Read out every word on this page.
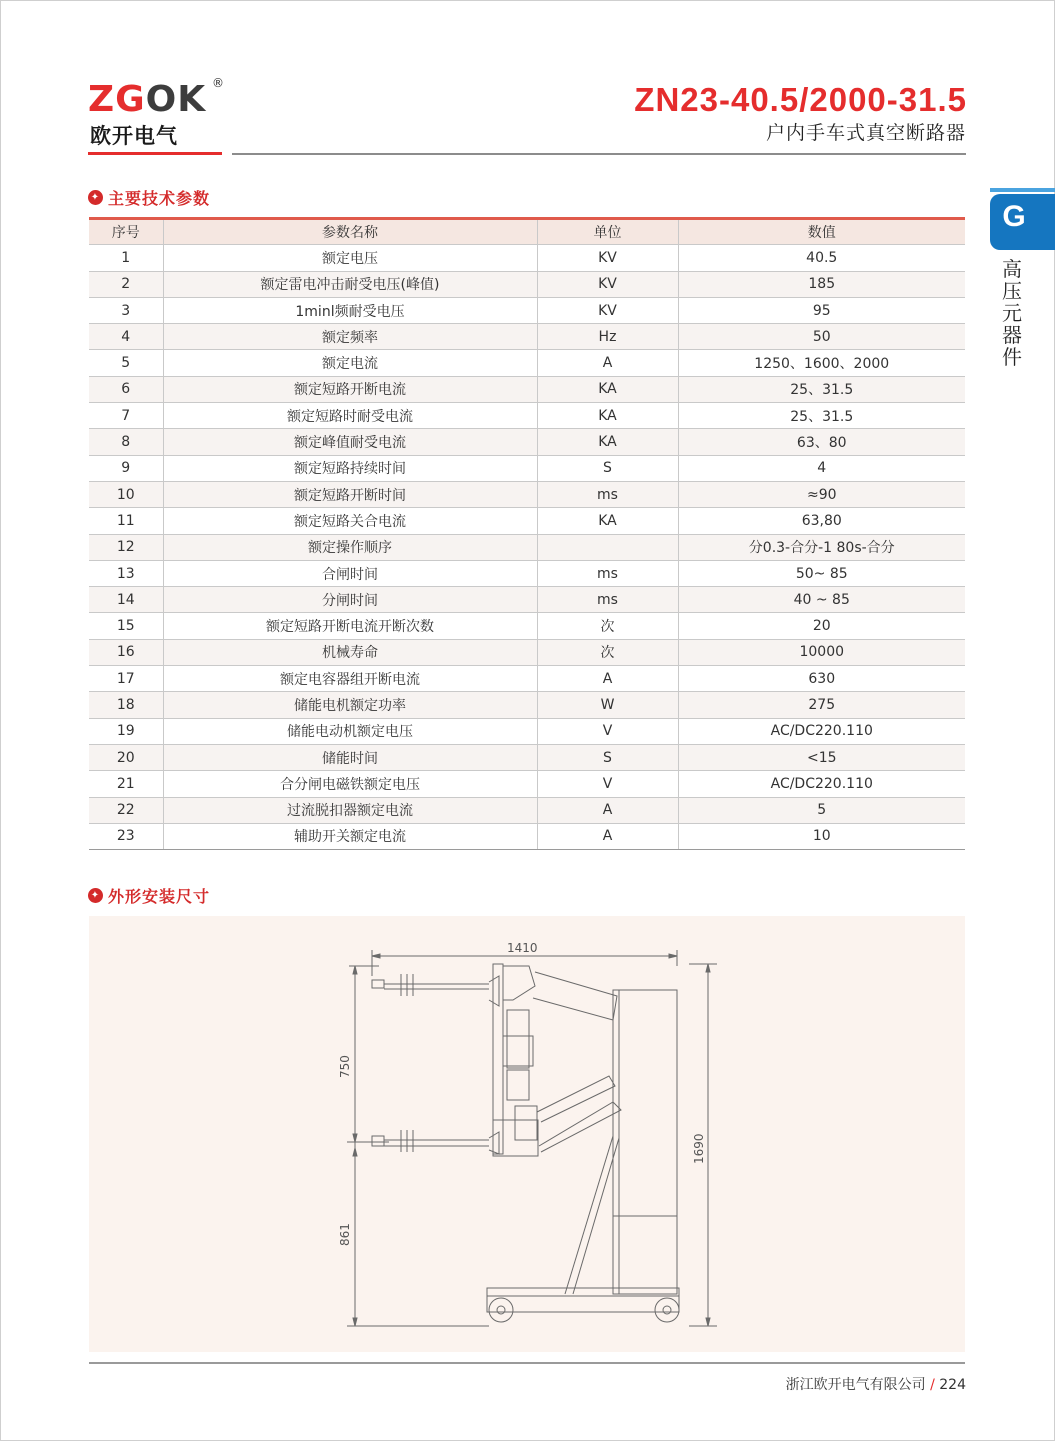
ZGOK ®
欧开电气
ZN23-40.5/2000-31.5
户内手车式真空断路器
G
高
压
元
器
件
✦ 主要技术参数
序号	参数名称	单位	数值
1	额定电压	KV	40.5
2	额定雷电冲击耐受电压(峰值)	KV	185
3	1minl频耐受电压	KV	95
4	额定频率	Hz	50
5	额定电流	A	1250、1600、2000
6	额定短路开断电流	KA	25、31.5
7	额定短路时耐受电流	KA	25、31.5
8	额定峰值耐受电流	KA	63、80
9	额定短路持续时间	S	4
10	额定短路开断时间	ms	≈90
11	额定短路关合电流	KA	63,80
12	额定操作顺序		分0.3-合分-1 80s-合分
13	合闸时间	ms	50~ 85
14	分闸时间	ms	40 ~ 85
15	额定短路开断电流开断次数	次	20
16	机械寿命	次	10000
17	额定电容器组开断电流	A	630
18	储能电机额定功率	W	275
19	储能电动机额定电压	V	AC/DC220.110
20	储能时间	S	<15
21	合分闸电磁铁额定电压	V	AC/DC220.110
22	过流脱扣器额定电流	A	5
23	辅助开关额定电流	A	10
✦ 外形安装尺寸
1410
750
861
1690
浙江欧开电气有限公司 / 224
